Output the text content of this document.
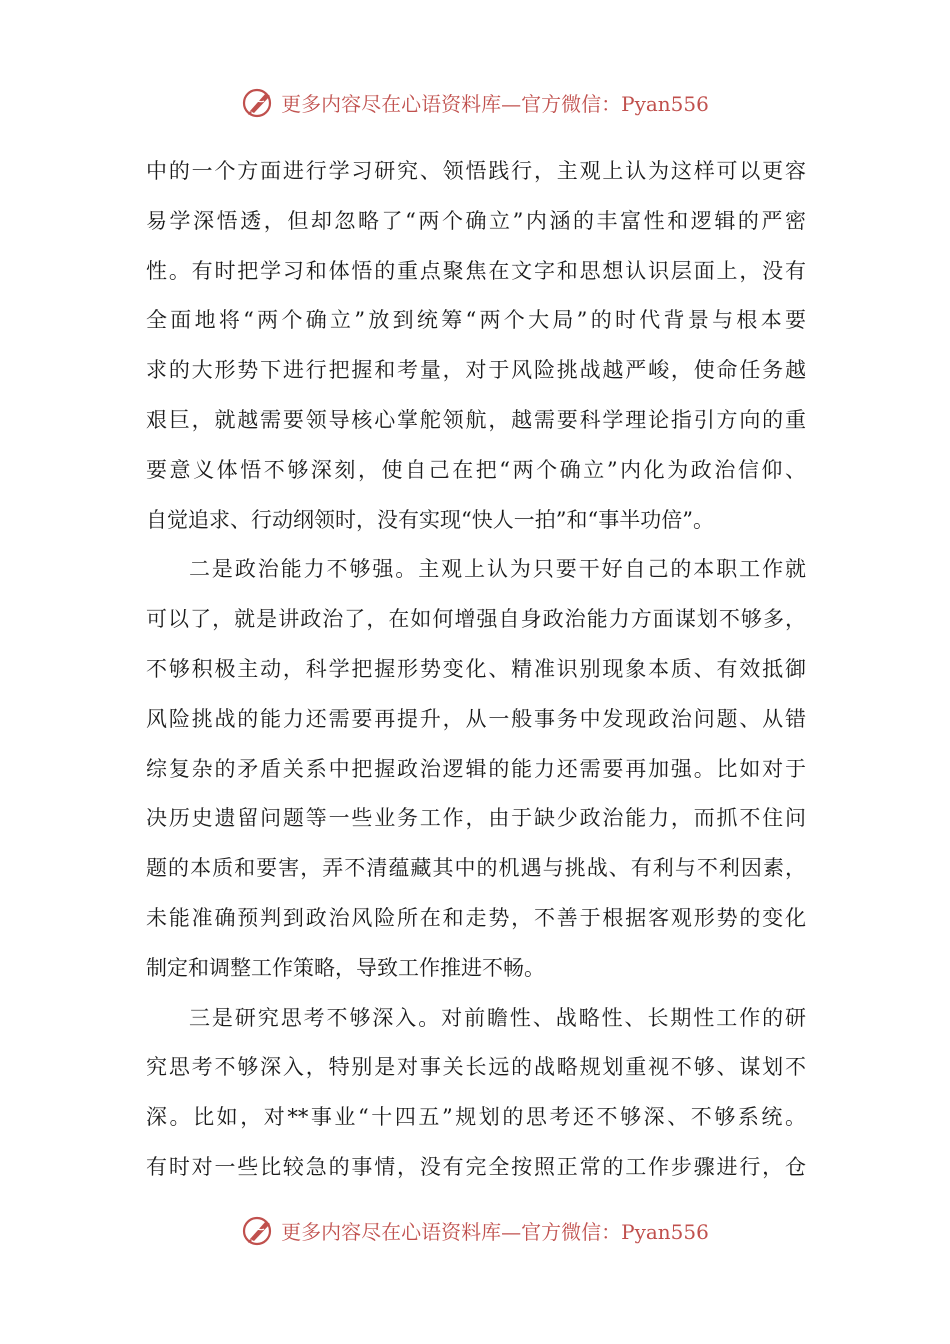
更多内容尽在心语资料库—官方微信：Pyan556
中的一个方面进行学习研究、领悟践行，主观上认为这样可以更容
易学深悟透，但却忽略了“两个确立”内涵的丰富性和逻辑的严密
性。有时把学习和体悟的重点聚焦在文字和思想认识层面上，没有
全面地将“两个确立”放到统筹“两个大局”的时代背景与根本要
求的大形势下进行把握和考量，对于风险挑战越严峻，使命任务越
艰巨，就越需要领导核心掌舵领航，越需要科学理论指引方向的重
要意义体悟不够深刻，使自己在把“两个确立”内化为政治信仰、
自觉追求、行动纲领时，没有实现“快人一拍”和“事半功倍”。
二是政治能力不够强。主观上认为只要干好自己的本职工作就
可以了，就是讲政治了，在如何增强自身政治能力方面谋划不够多，
不够积极主动，科学把握形势变化、精准识别现象本质、有效抵御
风险挑战的能力还需要再提升，从一般事务中发现政治问题、从错
综复杂的矛盾关系中把握政治逻辑的能力还需要再加强。比如对于
决历史遗留问题等一些业务工作，由于缺少政治能力，而抓不住问
题的本质和要害，弄不清蕴藏其中的机遇与挑战、有利与不利因素，
未能准确预判到政治风险所在和走势，不善于根据客观形势的变化
制定和调整工作策略，导致工作推进不畅。
三是研究思考不够深入。对前瞻性、战略性、长期性工作的研
究思考不够深入，特别是对事关长远的战略规划重视不够、谋划不
深。比如，对**事业“十四五”规划的思考还不够深、不够系统。
有时对一些比较急的事情，没有完全按照正常的工作步骤进行，仓
更多内容尽在心语资料库—官方微信：Pyan556
